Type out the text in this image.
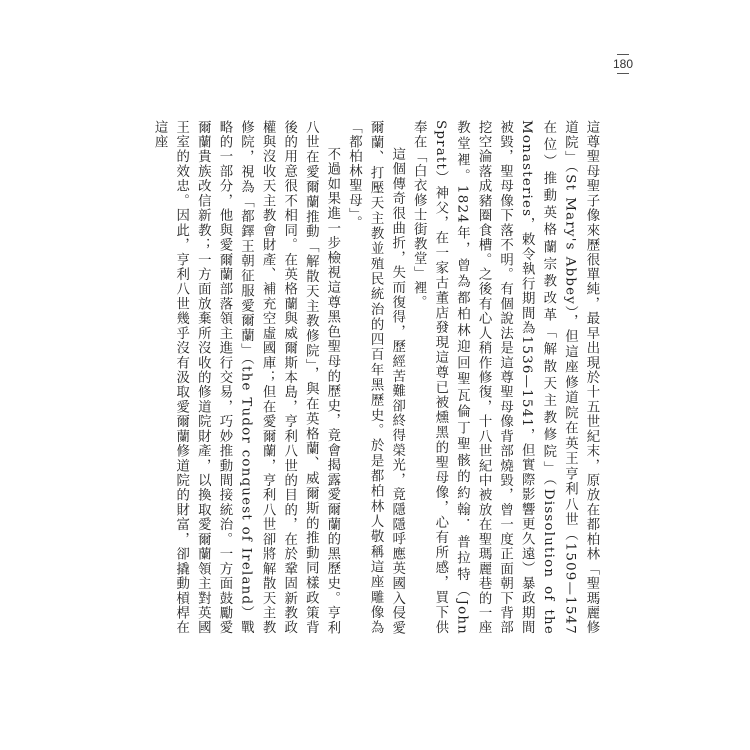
180

這尊聖母聖子像來歷很單純，最早出現於十五世紀末，原放在都柏林「聖瑪麗修道院」（St Mary's Abbey），但這座修道院在英王亨利八世（1509—1547在位）推動英格蘭宗教改革「解散天主教修院」（Dissolution of the Monasteries，敕令執行期間為1536—1541，但實際影響更久遠）暴政期間被毀，聖母像下落不明。有個說法是這尊聖母像背部燒毀，曾一度正面朝下背部挖空淪落成豬圈食槽。之後有心人稍作修復，十八世紀中被放在聖瑪麗巷的一座教堂裡。1824年，曾為都柏林迎回聖瓦倫丁聖骸的約翰．普拉特（John Spratt）神父，在一家古董店發現這尊已被燻黑的聖母像，心有所感，買下供奉在「白衣修士街教堂」裡。

這個傳奇很曲折，失而復得，歷經苦難卻終得榮光，竟隱隱呼應英國入侵愛爾蘭、打壓天主教並殖民統治的四百年黑歷史。於是都柏林人敬稱這座雕像為「都柏林聖母」。

不過如果進一步檢視這尊黑色聖母的歷史，竟會揭露愛爾蘭的黑歷史。亨利八世在愛爾蘭推動「解散天主教修院」，與在英格蘭、威爾斯的推動同樣政策背後的用意很不相同。在英格蘭與威爾斯本島，亨利八世的目的，在於鞏固新教政權與沒收天主教會財產、補充空虛國庫；但在愛爾蘭，亨利八世卻將解散天主教修院，視為「都鐸王朝征服愛爾蘭」（the Tudor conquest of Ireland）戰略的一部分，他與愛爾蘭部落領主進行交易，巧妙推動間接統治。一方面鼓勵愛爾蘭貴族改信新教；一方面放棄所沒收的修道院財產，以換取愛爾蘭領主對英國王室的效忠。因此，亨利八世幾乎沒有汲取愛爾蘭修道院的財富，卻撬動槓桿在這座
